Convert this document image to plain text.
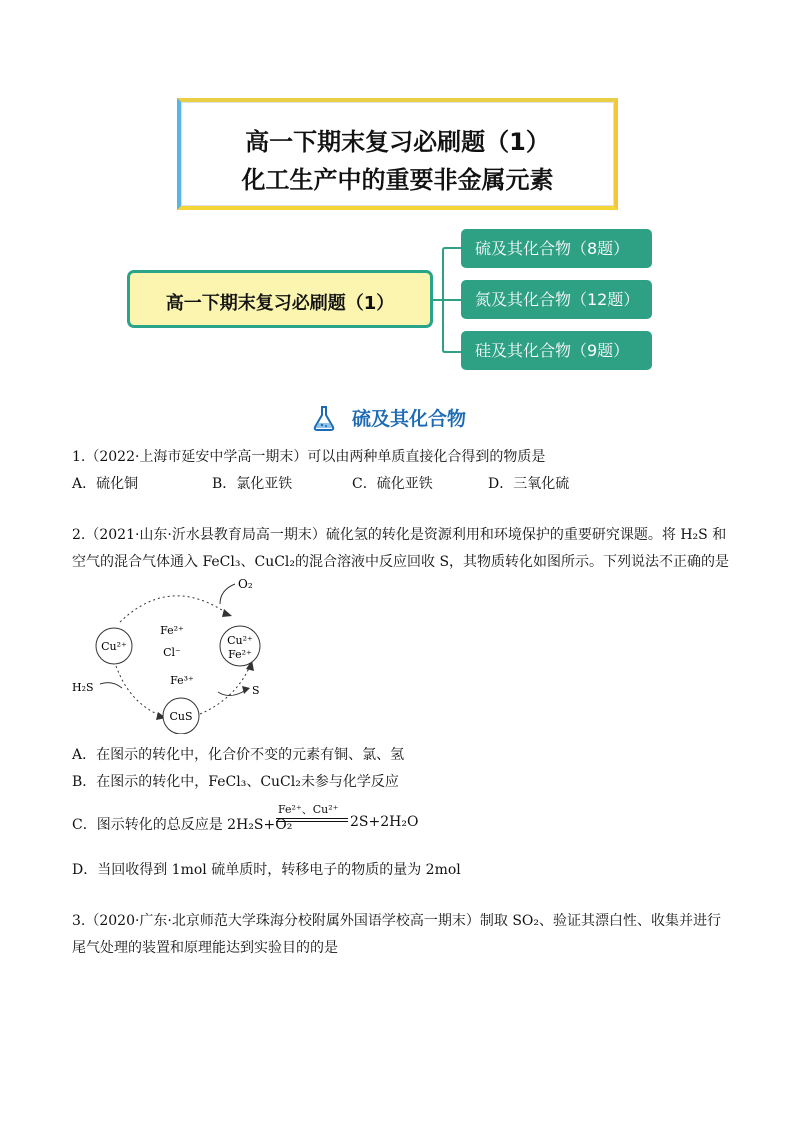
高一下期末复习必刷题（1）
化工生产中的重要非金属元素
高一下期末复习必刷题（1）
硫及其化合物（8题）
氮及其化合物（12题）
硅及其化合物（9题）
硫及其化合物
1.（2022·上海市延安中学高一期末）可以由两种单质直接化合得到的物质是
A．硫化铜	B．氯化亚铁	C．硫化亚铁	D．三氧化硫
2.（2021·山东·沂水县教育局高一期末）硫化氢的转化是资源利用和环境保护的重要研究课题。将 H₂S 和
空气的混合气体通入 FeCl₃、CuCl₂的混合溶液中反应回收 S，其物质转化如图所示。下列说法不正确的是
O₂
Cu²⁺	Cu²⁺
Fe²⁺
CuS
Fe²⁺
Cl⁻
Fe³⁺
H₂S	S
A．在图示的转化中，化合价不变的元素有铜、氯、氢
B．在图示的转化中，FeCl₃、CuCl₂未参与化学反应
C．图示转化的总反应是 2H₂S+O₂
Fe²⁺、Cu²⁺
2S+2H₂O
D．当回收得到 1mol 硫单质时，转移电子的物质的量为 2mol
3.（2020·广东·北京师范大学珠海分校附属外国语学校高一期末）制取 SO₂、验证其漂白性、收集并进行
尾气处理的装置和原理能达到实验目的的是
